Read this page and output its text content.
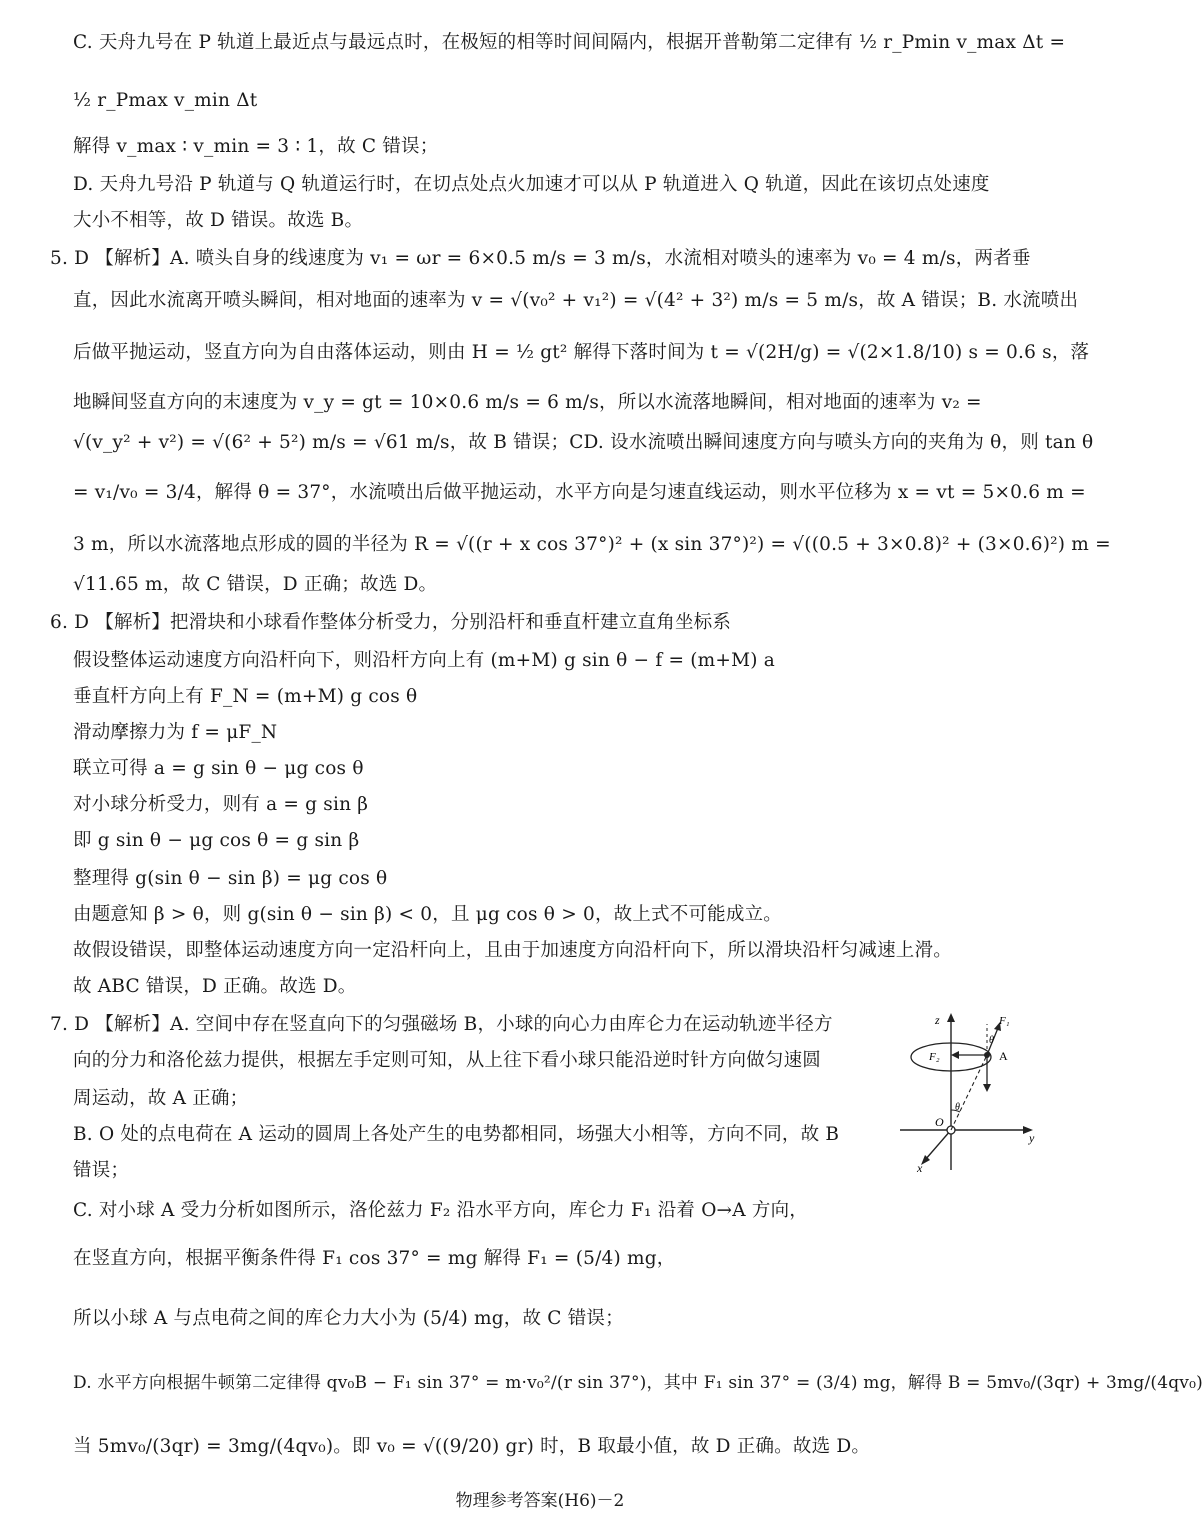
C. 天舟九号在 P 轨道上最近点与最远点时，在极短的相等时间间隔内，根据开普勒第二定律有 ½ r_Pmin v_max Δt =
½ r_Pmax v_min Δt
解得 v_max ∶ v_min = 3 ∶ 1，故 C 错误；
D. 天舟九号沿 P 轨道与 Q 轨道运行时，在切点处点火加速才可以从 P 轨道进入 Q 轨道，因此在该切点处速度
大小不相等，故 D 错误。故选 B。
5. D 【解析】A. 喷头自身的线速度为 v₁ = ωr = 6×0.5 m/s = 3 m/s，水流相对喷头的速率为 v₀ = 4 m/s，两者垂
直，因此水流离开喷头瞬间，相对地面的速率为 v = √(v₀² + v₁²) = √(4² + 3²) m/s = 5 m/s，故 A 错误；B. 水流喷出
后做平抛运动，竖直方向为自由落体运动，则由 H = ½ gt² 解得下落时间为 t = √(2H/g) = √(2×1.8/10) s = 0.6 s，落
地瞬间竖直方向的末速度为 v_y = gt = 10×0.6 m/s = 6 m/s，所以水流落地瞬间，相对地面的速率为 v₂ =
√(v_y² + v²) = √(6² + 5²) m/s = √61 m/s，故 B 错误；CD. 设水流喷出瞬间速度方向与喷头方向的夹角为 θ，则 tan θ
= v₁/v₀ = 3/4，解得 θ = 37°，水流喷出后做平抛运动，水平方向是匀速直线运动，则水平位移为 x = vt = 5×0.6 m =
3 m，所以水流落地点形成的圆的半径为 R = √((r + x cos 37°)² + (x sin 37°)²) = √((0.5 + 3×0.8)² + (3×0.6)²) m =
√11.65 m，故 C 错误，D 正确；故选 D。
6. D 【解析】把滑块和小球看作整体分析受力，分别沿杆和垂直杆建立直角坐标系
假设整体运动速度方向沿杆向下，则沿杆方向上有 (m+M) g sin θ − f = (m+M) a
垂直杆方向上有 F_N = (m+M) g cos θ
滑动摩擦力为 f = μF_N
联立可得 a = g sin θ − μg cos θ
对小球分析受力，则有 a = g sin β
即 g sin θ − μg cos θ = g sin β
整理得 g(sin θ − sin β) = μg cos θ
由题意知 β > θ，则 g(sin θ − sin β) < 0，且 μg cos θ > 0，故上式不可能成立。
故假设错误，即整体运动速度方向一定沿杆向上，且由于加速度方向沿杆向下，所以滑块沿杆匀减速上滑。
故 ABC 错误，D 正确。故选 D。
7. D 【解析】A. 空间中存在竖直向下的匀强磁场 B，小球的向心力由库仑力在运动轨迹半径方
向的分力和洛伦兹力提供，根据左手定则可知，从上往下看小球只能沿逆时针方向做匀速圆
周运动，故 A 正确；
B. O 处的点电荷在 A 运动的圆周上各处产生的电势都相同，场强大小相等，方向不同，故 B
错误；
C. 对小球 A 受力分析如图所示，洛伦兹力 F₂ 沿水平方向，库仑力 F₁ 沿着 O→A 方向，
在竖直方向，根据平衡条件得 F₁ cos 37° = mg 解得 F₁ = (5/4) mg，
所以小球 A 与点电荷之间的库仑力大小为 (5/4) mg，故 C 错误；
D. 水平方向根据牛顿第二定律得 qv₀B − F₁ sin 37° = m·v₀²/(r sin 37°)，其中 F₁ sin 37° = (3/4) mg，解得 B = 5mv₀/(3qr) + 3mg/(4qv₀)
当 5mv₀/(3qr) = 3mg/(4qv₀)。即 v₀ = √((9/20) gr) 时，B 取最小值，故 D 正确。故选 D。
z	F₁
θ
F₂	A
O
θ
y
x
物理参考答案(H6)－2
